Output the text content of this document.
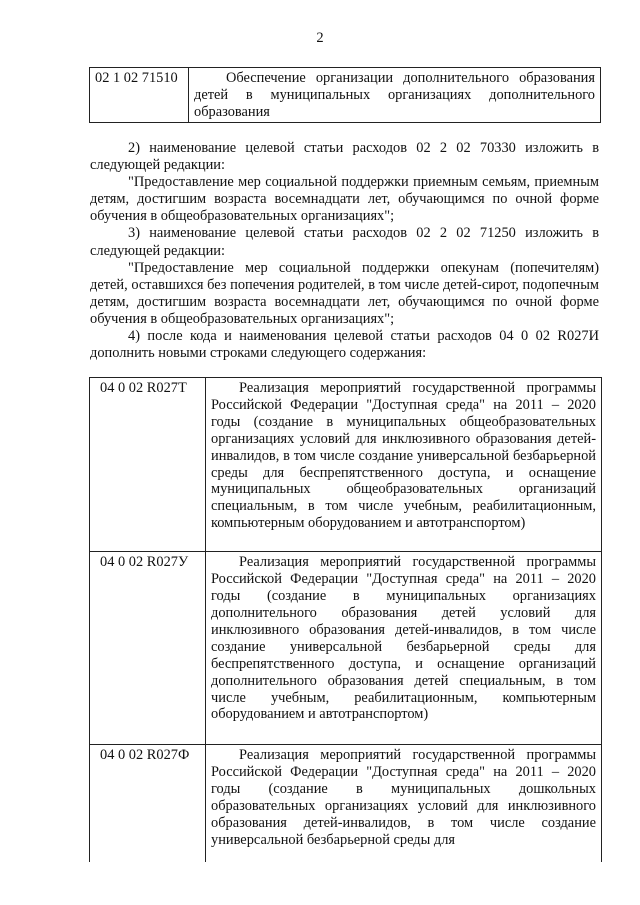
2
02 1 02 71510	Обеспечение организации дополнительного образования детей в муниципальных организациях дополнительного образования

2) наименование целевой статьи расходов 02 2 02 70330 изложить в следующей редакции:

"Предоставление мер социальной поддержки приемным семьям, приемным детям, достигшим возраста восемнадцати лет, обучающимся по очной форме обучения в общеобразовательных организациях";

3) наименование целевой статьи расходов 02 2 02 71250 изложить в следующей редакции:

"Предоставление мер социальной поддержки опекунам (попечителям) детей, оставшихся без попечения родителей, в том числе детей-сирот, подопечным детям, достигшим возраста восемнадцати лет, обучающимся по очной форме обучения в общеобразовательных организациях";

4) после кода и наименования целевой статьи расходов 04 0 02 R027И дополнить новыми строками следующего содержания:

04 0 02 R027Т	Реализация мероприятий государственной программы Российской Федерации "Доступная среда" на 2011 – 2020 годы (создание в муниципальных общеобразовательных организациях условий для инклюзивного образования детей-инвалидов, в том числе создание универсальной безбарьерной среды для беспрепятственного доступа, и оснащение муниципальных общеобразовательных организаций специальным, в том числе учебным, реабилитационным, компьютерным оборудованием и автотранспортом)
04 0 02 R027У	Реализация мероприятий государственной программы Российской Федерации "Доступная среда" на 2011 – 2020 годы (создание в муниципальных организациях дополнительного образования детей условий для инклюзивного образования детей-инвалидов, в том числе создание универсальной безбарьерной среды для беспрепятственного доступа, и оснащение организаций дополнительного образования детей специальным, в том числе учебным, реабилитационным, компьютерным оборудованием и автотранспортом)
04 0 02 R027Ф	Реализация мероприятий государственной программы Российской Федерации "Доступная среда" на 2011 – 2020 годы (создание в муниципальных дошкольных образовательных организациях условий для инклюзивного образования детей-инвалидов, в том числе создание универсальной безбарьерной среды для
